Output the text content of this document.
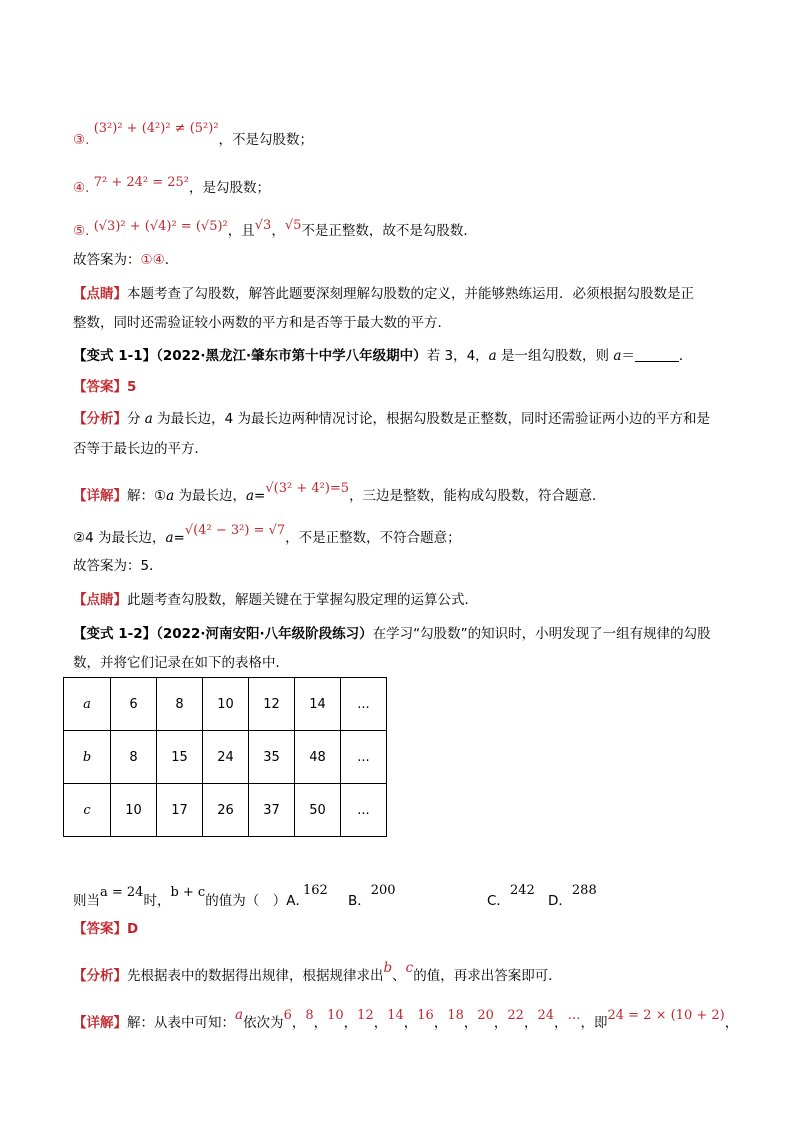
③. (3²)² + (4²)² ≠ (5²)²，不是勾股数；
④. 7² + 24² = 25²，是勾股数；
⑤. (√3)² + (√4)² = (√5)²，且√3，√5不是正整数，故不是勾股数．
故答案为：①④．
【点睛】本题考查了勾股数，解答此题要深刻理解勾股数的定义，并能够熟练运用．必须根据勾股数是正
整数，同时还需验证较小两数的平方和是否等于最大数的平方．
【变式 1-1】（2022·黑龙江·肇东市第十中学八年级期中）若 3，4，a 是一组勾股数，则 a＝	．
【答案】5
【分析】分 a 为最长边，4 为最长边两种情况讨论，根据勾股数是正整数，同时还需验证两小边的平方和是
否等于最长边的平方．
【详解】解：①a 为最长边，a=√(3² + 4²)=5，三边是整数，能构成勾股数，符合题意．
②4 为最长边，a=√(4² − 3²) = √7，不是正整数，不符合题意；
故答案为：5．
【点睛】此题考查勾股数，解题关键在于掌握勾股定理的运算公式．
【变式 1-2】（2022·河南安阳·八年级阶段练习）在学习“勾股数”的知识时，小明发现了一组有规律的勾股
数，并将它们记录在如下的表格中．
a	6	8	10	12	14	...
b	8	15	24	35	48	...
c	10	17	26	37	50	...
则当a = 24时，b + c的值为（　）A．
162
B．200
C．242
D．288
【答案】D
【分析】先根据表中的数据得出规律，根据规律求出b、c的值，再求出答案即可．
【详解】解：从表中可知：a依次为6，8，10，12，14，16，18，20，22，24，…，即24 = 2 × (10 + 2)，
